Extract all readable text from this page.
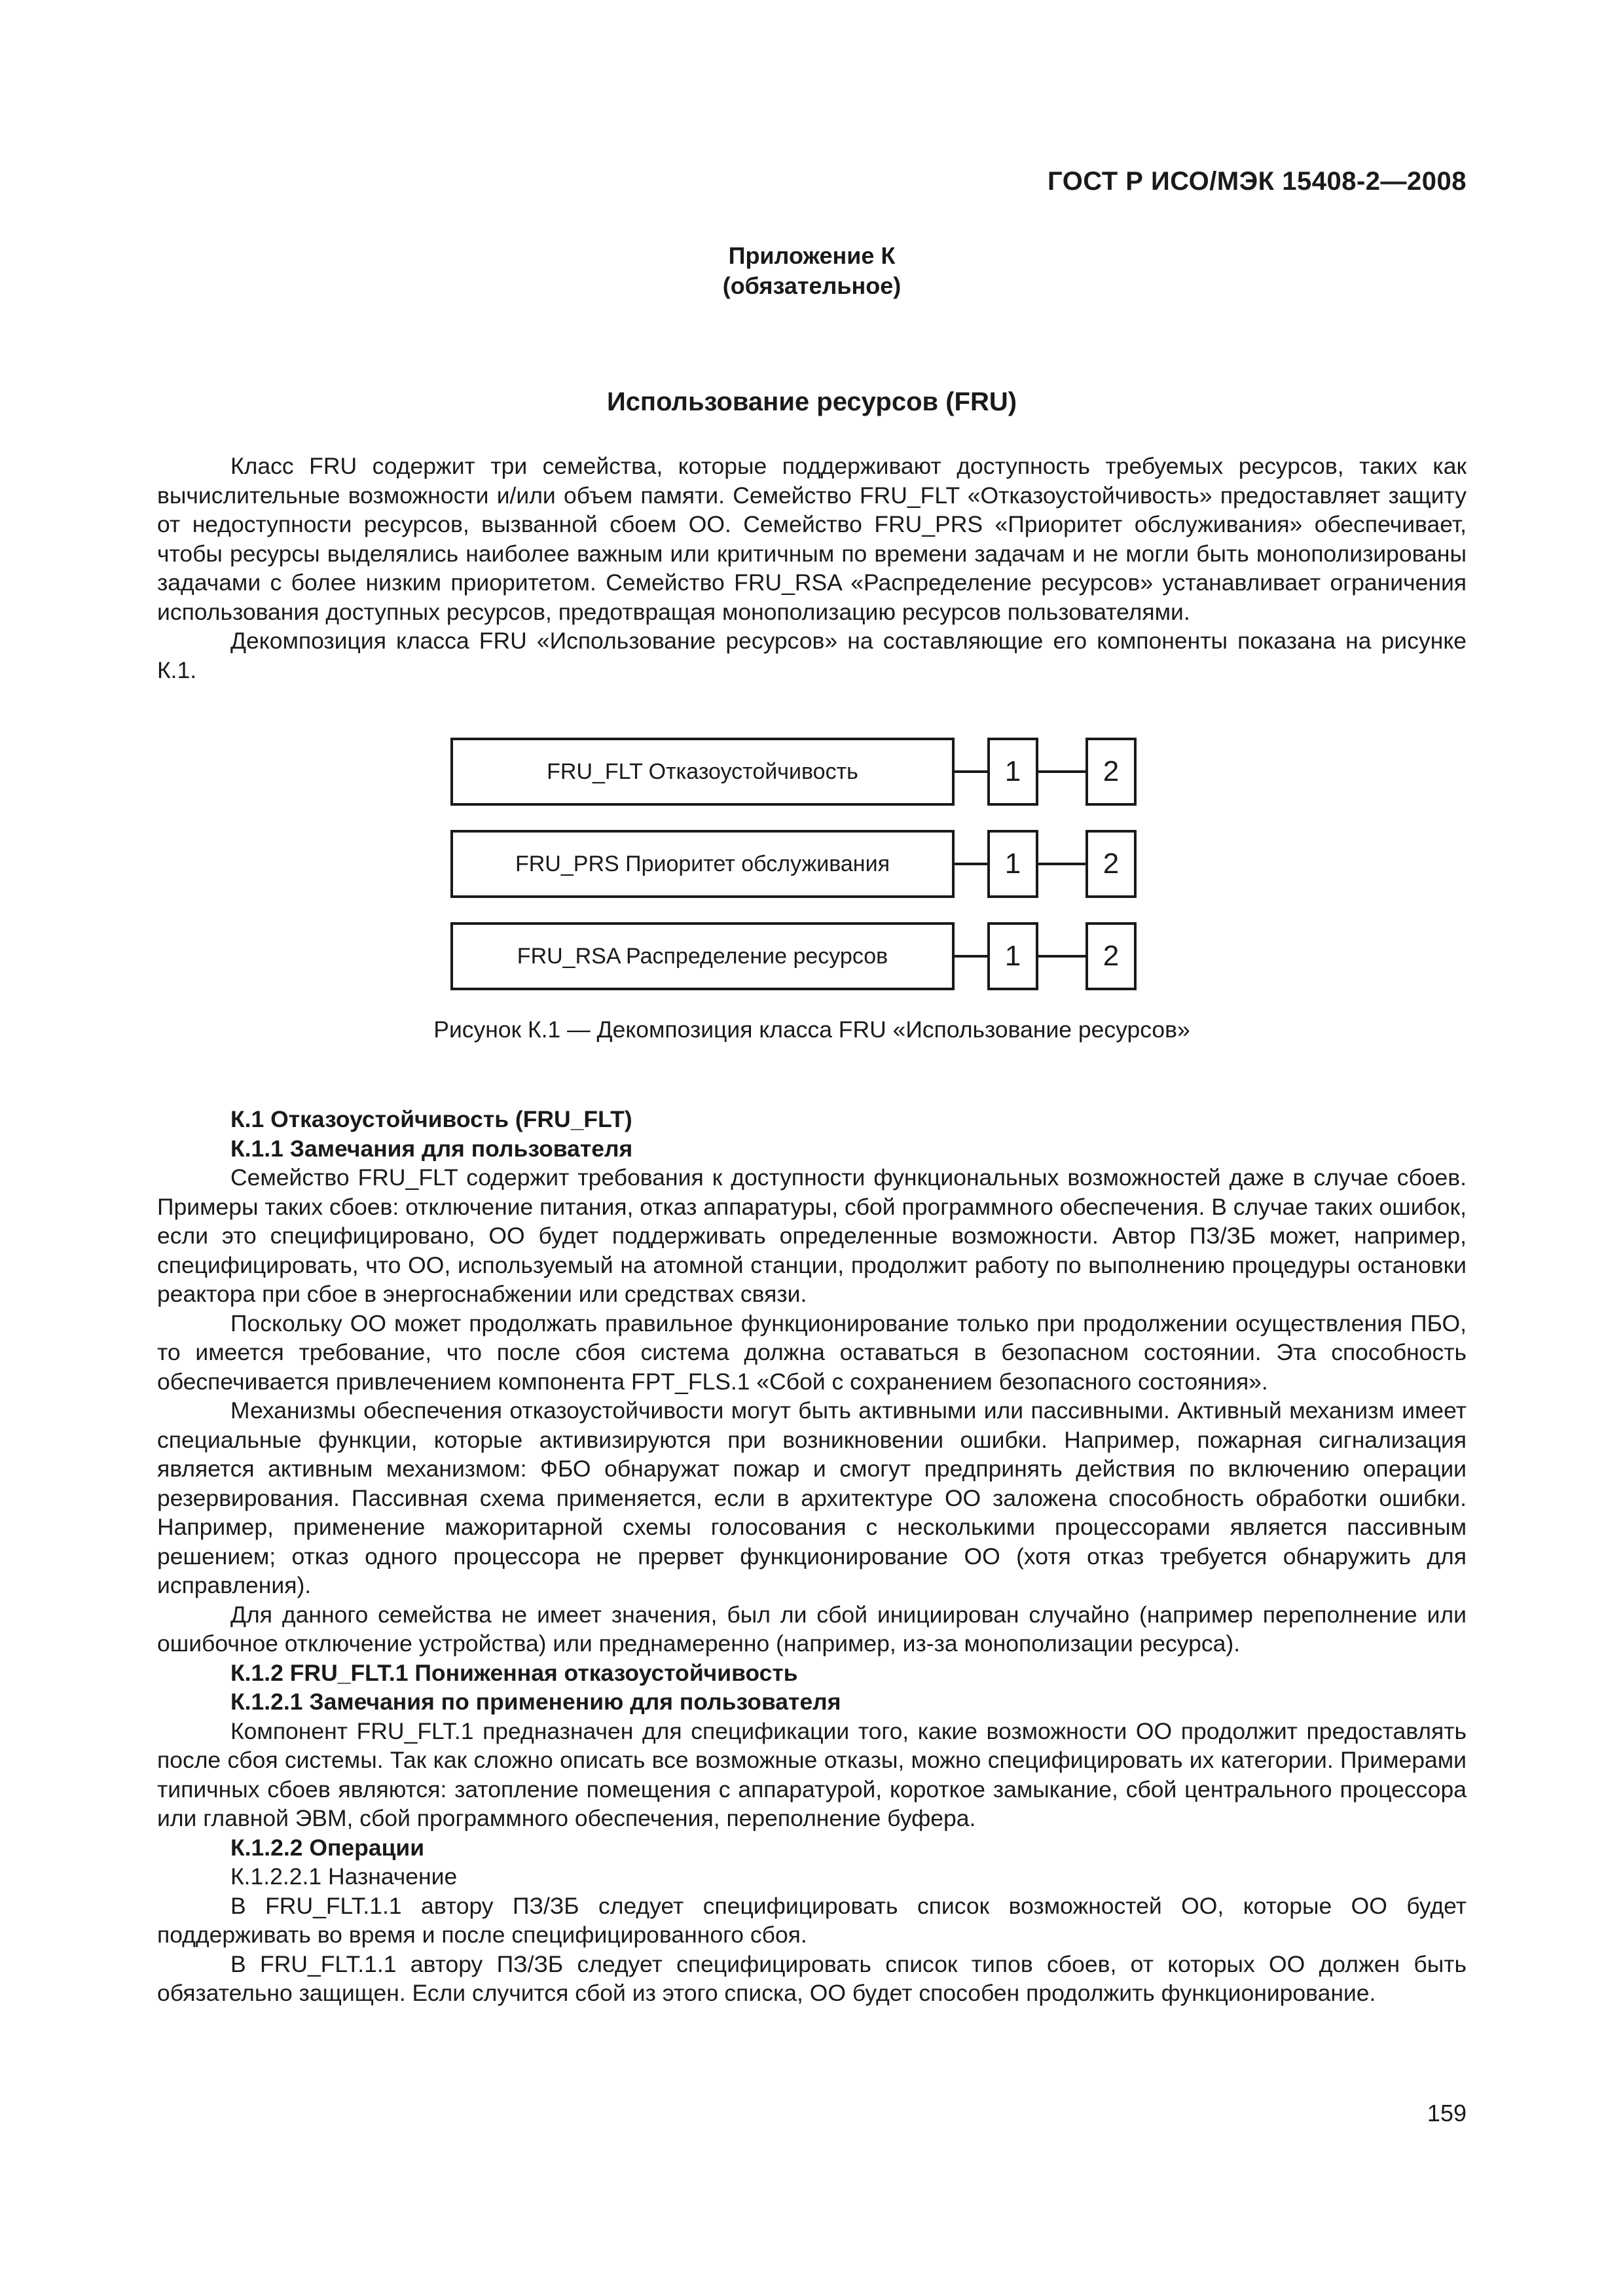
ГОСТ Р ИСО/МЭК 15408-2—2008
Приложение К
(обязательное)
Использование ресурсов (FRU)

Класс FRU содержит три семейства, которые поддерживают доступность требуемых ресурсов, таких как вычислительные возможности и/или объем памяти. Семейство FRU_FLT «Отказоустойчивость» предоставляет защиту от недоступности ресурсов, вызванной сбоем ОО. Семейство FRU_PRS «Приоритет обслуживания» обеспечивает, чтобы ресурсы выделялись наиболее важным или критичным по времени задачам и не могли быть монополизированы задачами с более низким приоритетом. Семейство FRU_RSA «Распределение ресурсов» устанавливает ограничения использования доступных ресурсов, предотвращая монополизацию ресурсов пользователями.

Декомпозиция класса FRU «Использование ресурсов» на составляющие его компоненты показана на рисунке К.1.

FRU_FLT Отказоустойчивость	1	2
FRU_PRS Приоритет обслуживания	1	2
FRU_RSA Распределение ресурсов	1	2
Рисунок К.1 — Декомпозиция класса FRU «Использование ресурсов»

К.1 Отказоустойчивость (FRU_FLT)

К.1.1 Замечания для пользователя

Семейство FRU_FLT содержит требования к доступности функциональных возможностей даже в случае сбоев. Примеры таких сбоев: отключение питания, отказ аппаратуры, сбой программного обеспечения. В случае таких ошибок, если это специфицировано, ОО будет поддерживать определенные возможности. Автор ПЗ/ЗБ может, например, специфицировать, что ОО, используемый на атомной станции, продолжит работу по выполнению процедуры остановки реактора при сбое в энергоснабжении или средствах связи.

Поскольку ОО может продолжать правильное функционирование только при продолжении осуществления ПБО, то имеется требование, что после сбоя система должна оставаться в безопасном состоянии. Эта способность обеспечивается привлечением компонента FPT_FLS.1 «Сбой с сохранением безопасного состояния».

Механизмы обеспечения отказоустойчивости могут быть активными или пассивными. Активный механизм имеет специальные функции, которые активизируются при возникновении ошибки. Например, пожарная сигнализация является активным механизмом: ФБО обнаружат пожар и смогут предпринять действия по включению операции резервирования. Пассивная схема применяется, если в архитектуре ОО заложена способность обработки ошибки. Например, применение мажоритарной схемы голосования с несколькими процессорами является пассивным решением; отказ одного процессора не прервет функционирование ОО (хотя отказ требуется обнаружить для исправления).

Для данного семейства не имеет значения, был ли сбой инициирован случайно (например переполнение или ошибочное отключение устройства) или преднамеренно (например, из-за монополизации ресурса).

К.1.2 FRU_FLT.1 Пониженная отказоустойчивость

К.1.2.1 Замечания по применению для пользователя

Компонент FRU_FLT.1 предназначен для спецификации того, какие возможности ОО продолжит предоставлять после сбоя системы. Так как сложно описать все возможные отказы, можно специфицировать их категории. Примерами типичных сбоев являются: затопление помещения с аппаратурой, короткое замыкание, сбой центрального процессора или главной ЭВМ, сбой программного обеспечения, переполнение буфера.

К.1.2.2 Операции

К.1.2.2.1 Назначение

В FRU_FLT.1.1 автору ПЗ/ЗБ следует специфицировать список возможностей ОО, которые ОО будет поддерживать во время и после специфицированного сбоя.

В FRU_FLT.1.1 автору ПЗ/ЗБ следует специфицировать список типов сбоев, от которых ОО должен быть обязательно защищен. Если случится сбой из этого списка, ОО будет способен продолжить функционирование.

159
